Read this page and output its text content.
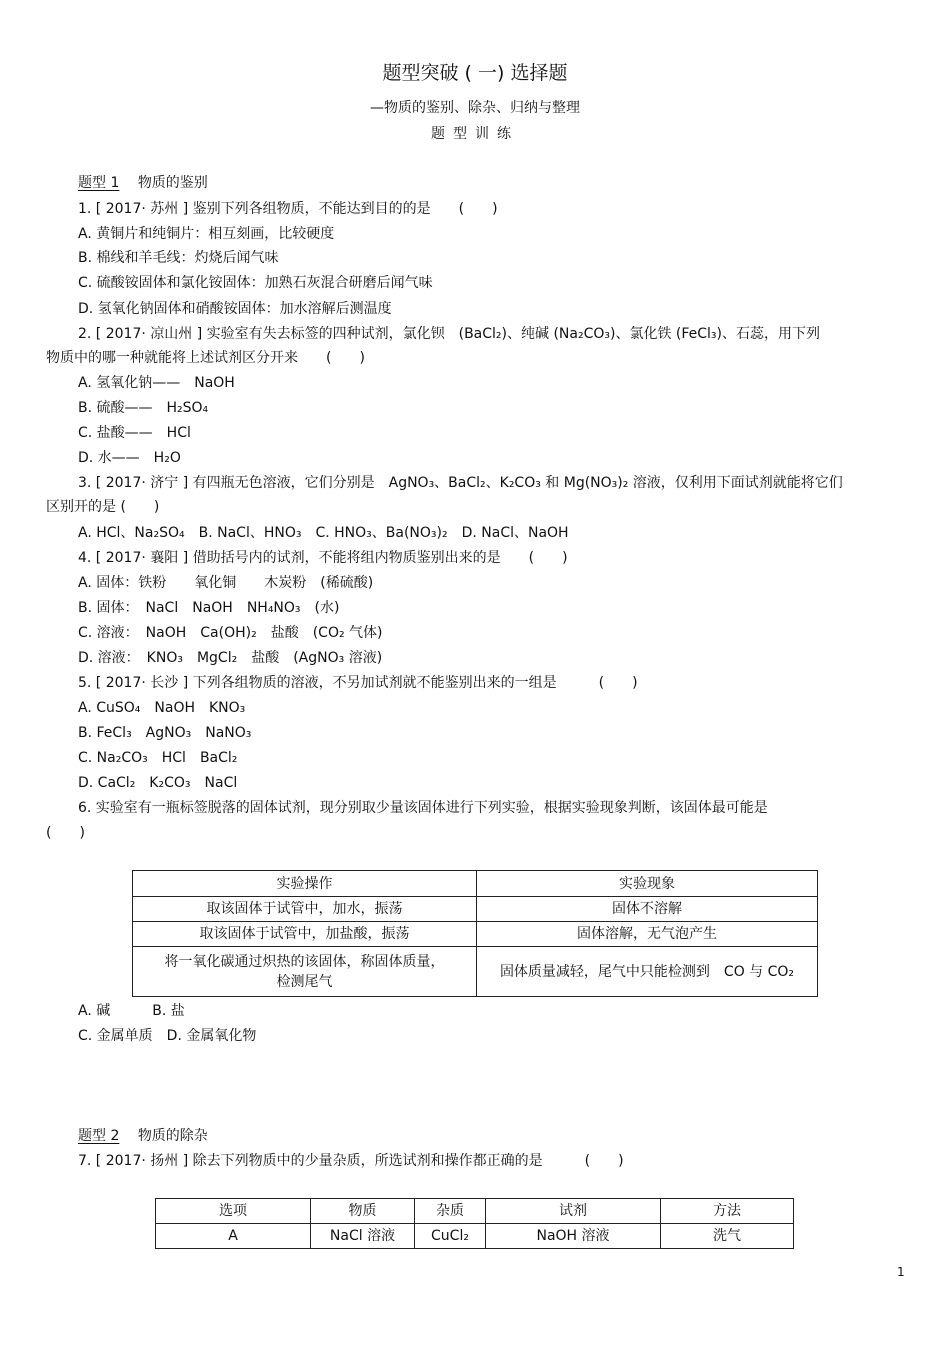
题型突破 ( 一) 选择题
—物质的鉴别、除杂、归纳与整理
题型训练
题型 1 物质的鉴别
1. [ 2017· 苏州 ] 鉴别下列各组物质，不能达到目的的是　　(　　)
A. 黄铜片和纯铜片：相互刻画，比较硬度
B. 棉线和羊毛线：灼烧后闻气味
C. 硫酸铵固体和氯化铵固体：加熟石灰混合研磨后闻气味
D. 氢氧化钠固体和硝酸铵固体：加水溶解后测温度
2. [ 2017· 凉山州 ] 实验室有失去标签的四种试剂，氯化钡　(BaCl₂)、纯碱 (Na₂CO₃)、氯化铁 (FeCl₃)、石蕊，用下列
物质中的哪一种就能将上述试剂区分开来　　(　　)
A. 氢氧化钠——　NaOH
B. 硫酸——　H₂SO₄
C. 盐酸——　HCl
D. 水——　H₂O
3. [ 2017· 济宁 ] 有四瓶无色溶液，它们分别是　AgNO₃、BaCl₂、K₂CO₃ 和 Mg(NO₃)₂ 溶液，仅利用下面试剂就能将它们
区别开的是 (　　)
A. HCl、Na₂SO₄　B. NaCl、HNO₃　C. HNO₃、Ba(NO₃)₂　D. NaCl、NaOH
4. [ 2017· 襄阳 ] 借助括号内的试剂，不能将组内物质鉴别出来的是　　(　　)
A. 固体：铁粉　　氧化铜　　木炭粉　(稀硫酸)
B. 固体：　NaCl　NaOH　NH₄NO₃　(水)
C. 溶液：　NaOH　Ca(OH)₂　盐酸　(CO₂ 气体)
D. 溶液：　KNO₃　MgCl₂　盐酸　(AgNO₃ 溶液)
5. [ 2017· 长沙 ] 下列各组物质的溶液，不另加试剂就不能鉴别出来的一组是　　　(　　)
A. CuSO₄　NaOH　KNO₃
B. FeCl₃　AgNO₃　NaNO₃
C. Na₂CO₃　HCl　BaCl₂
D. CaCl₂　K₂CO₃　NaCl
6. 实验室有一瓶标签脱落的固体试剂，现分别取少量该固体进行下列实验，根据实验现象判断，该固体最可能是
(　　)
实验操作	实验现象
取该固体于试管中，加水，振荡	固体不溶解
取该固体于试管中，加盐酸，振荡	固体溶解，无气泡产生

将一氧化碳通过炽热的该固体，称固体质量，
检测尾气	固体质量减轻，尾气中只能检测到　CO 与 CO₂
A. 碱　　　B. 盐
C. 金属单质　D. 金属氧化物
题型 2 物质的除杂
7. [ 2017· 扬州 ] 除去下列物质中的少量杂质，所选试剂和操作都正确的是　　　(　　)
选项	物质	杂质	试剂	方法
A	NaCl 溶液	CuCl₂	NaOH 溶液	洗气
1
